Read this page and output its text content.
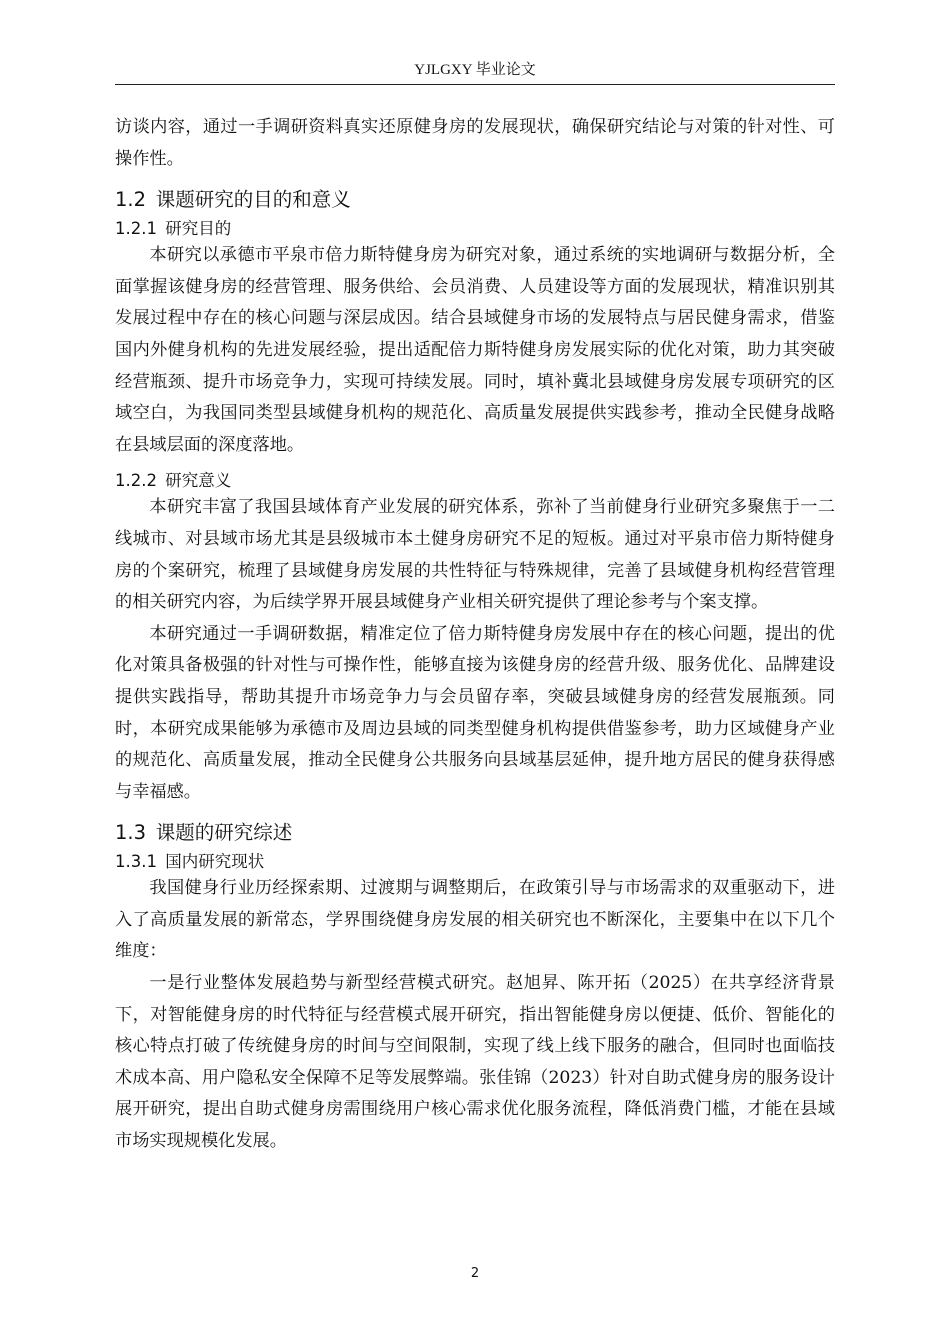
YJLGXY 毕业论文

访谈内容，通过一手调研资料真实还原健身房的发展现状，确保研究结论与对策的针对性、可操作性。

1.2 课题研究的目的和意义
1.2.1 研究目的

本研究以承德市平泉市倍力斯特健身房为研究对象，通过系统的实地调研与数据分析，全面掌握该健身房的经营管理、服务供给、会员消费、人员建设等方面的发展现状，精准识别其发展过程中存在的核心问题与深层成因。结合县域健身市场的发展特点与居民健身需求，借鉴国内外健身机构的先进发展经验，提出适配倍力斯特健身房发展实际的优化对策，助力其突破经营瓶颈、提升市场竞争力，实现可持续发展。同时，填补冀北县域健身房发展专项研究的区域空白，为我国同类型县域健身机构的规范化、高质量发展提供实践参考，推动全民健身战略在县域层面的深度落地。

1.2.2 研究意义

本研究丰富了我国县域体育产业发展的研究体系，弥补了当前健身行业研究多聚焦于一二线城市、对县域市场尤其是县级城市本土健身房研究不足的短板。通过对平泉市倍力斯特健身房的个案研究，梳理了县域健身房发展的共性特征与特殊规律，完善了县域健身机构经营管理的相关研究内容，为后续学界开展县域健身产业相关研究提供了理论参考与个案支撑。

本研究通过一手调研数据，精准定位了倍力斯特健身房发展中存在的核心问题，提出的优化对策具备极强的针对性与可操作性，能够直接为该健身房的经营升级、服务优化、品牌建设提供实践指导，帮助其提升市场竞争力与会员留存率，突破县域健身房的经营发展瓶颈。同时，本研究成果能够为承德市及周边县域的同类型健身机构提供借鉴参考，助力区域健身产业的规范化、高质量发展，推动全民健身公共服务向县域基层延伸，提升地方居民的健身获得感与幸福感。

1.3 课题的研究综述
1.3.1 国内研究现状

我国健身行业历经探索期、过渡期与调整期后，在政策引导与市场需求的双重驱动下，进入了高质量发展的新常态，学界围绕健身房发展的相关研究也不断深化，主要集中在以下几个维度：

一是行业整体发展趋势与新型经营模式研究。赵旭昇、陈开拓（2025）在共享经济背景下，对智能健身房的时代特征与经营模式展开研究，指出智能健身房以便捷、低价、智能化的核心特点打破了传统健身房的时间与空间限制，实现了线上线下服务的融合，但同时也面临技术成本高、用户隐私安全保障不足等发展弊端。张佳锦（2023）针对自助式健身房的服务设计展开研究，提出自助式健身房需围绕用户核心需求优化服务流程，降低消费门槛，才能在县域市场实现规模化发展。

2
